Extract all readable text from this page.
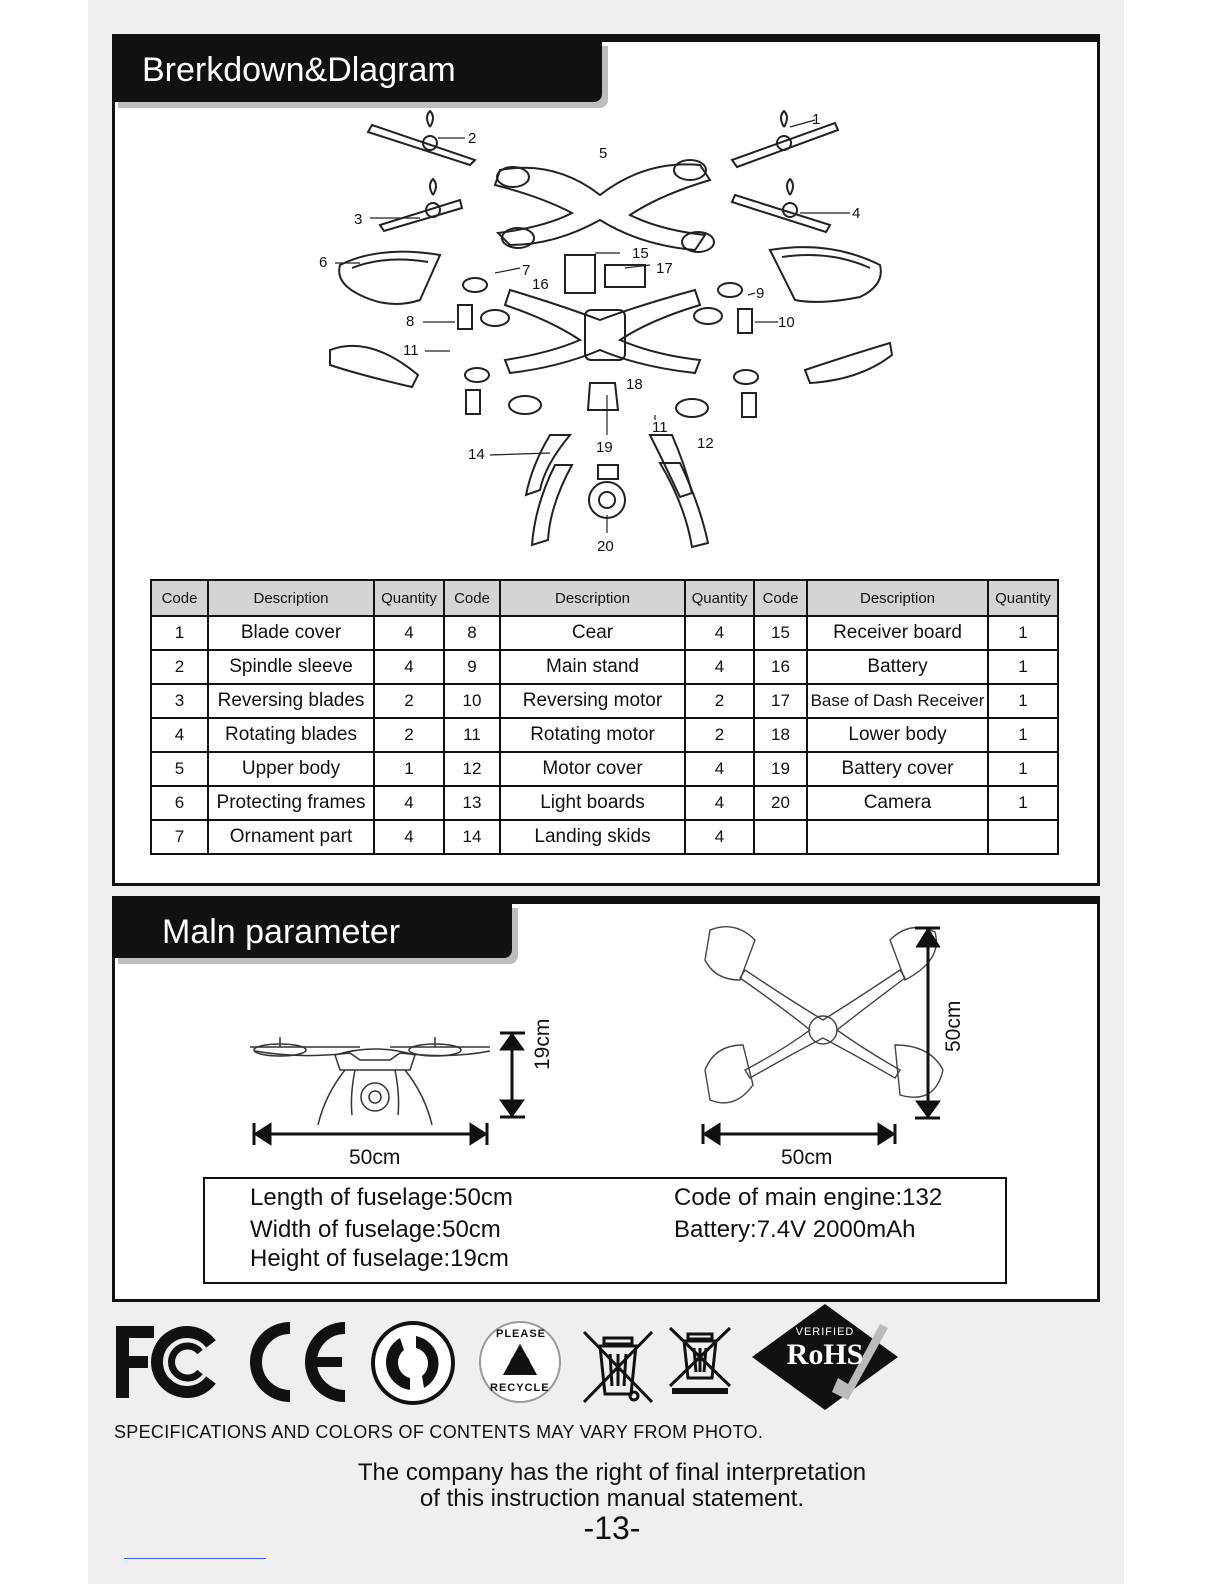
Brerkdown&Dlagram
1
2
3	4
5
6	7
8
9
10
11
11
12
14
15
16
17
18
19
20
Code	Description	Quantity	Code	Description	Quantity	Code	Description	Quantity
1	Blade cover	4	8	Cear	4	15	Receiver board	1
2	Spindle sleeve	4	9	Main stand	4	16	Battery	1
3	Reversing blades	2	10	Reversing motor	2	17	Base of Dash Receiver	1
4	Rotating blades	2	11	Rotating motor	2	18	Lower body	1
5	Upper body	1	12	Motor cover	4	19	Battery cover	1
6	Protecting frames	4	13	Light boards	4	20	Camera	1
7	Ornament part	4	14	Landing skids	4			
Maln parameter
50cm
19cm
50cm
50cm
Length of fuselage:50cm
Width of fuselage:50cm
Height of fuselage:19cm
Code of main engine:132
Battery:7.4V 2000mAh
PLEASE
RECYCLE
VERIFIED
RoHS
SPECIFICATIONS AND COLORS OF CONTENTS MAY VARY FROM PHOTO.
The company has the right of final interpretation
of this instruction manual statement.
-13-
